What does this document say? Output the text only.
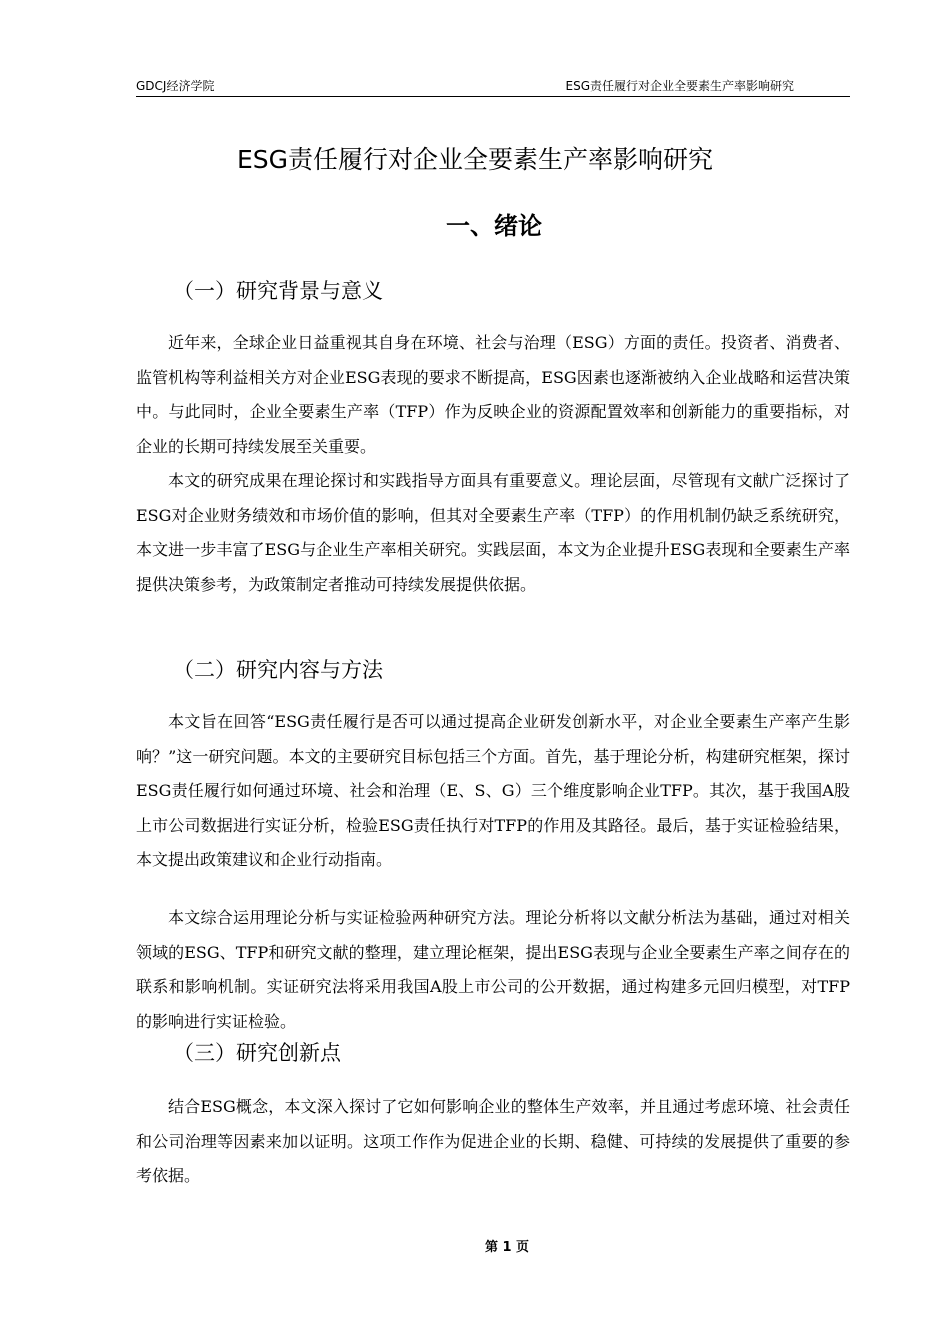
GDCJ经济学院	ESG责任履行对企业全要素生产率影响研究
ESG责任履行对企业全要素生产率影响研究
一、绪论
（一）研究背景与意义

近年来，全球企业日益重视其自身在环境、社会与治理（ESG）方面的责任。投资者、消费者、监管机构等利益相关方对企业ESG表现的要求不断提高，ESG因素也逐渐被纳入企业战略和运营决策中。与此同时，企业全要素生产率（TFP）作为反映企业的资源配置效率和创新能力的重要指标，对企业的长期可持续发展至关重要。

本文的研究成果在理论探讨和实践指导方面具有重要意义。理论层面，尽管现有文献广泛探讨了ESG对企业财务绩效和市场价值的影响，但其对全要素生产率（TFP）的作用机制仍缺乏系统研究，本文进一步丰富了ESG与企业生产率相关研究。实践层面，本文为企业提升ESG表现和全要素生产率提供决策参考，为政策制定者推动可持续发展提供依据。

（二）研究内容与方法

本文旨在回答“ESG责任履行是否可以通过提高企业研发创新水平，对企业全要素生产率产生影响？”这一研究问题。本文的主要研究目标包括三个方面。首先，基于理论分析，构建研究框架，探讨ESG责任履行如何通过环境、社会和治理（E、S、G）三个维度影响企业TFP。其次，基于我国A股上市公司数据进行实证分析，检验ESG责任执行对TFP的作用及其路径。最后，基于实证检验结果，本文提出政策建议和企业行动指南。

本文综合运用理论分析与实证检验两种研究方法。理论分析将以文献分析法为基础，通过对相关领域的ESG、TFP和研究文献的整理，建立理论框架，提出ESG表现与企业全要素生产率之间存在的联系和影响机制。实证研究法将采用我国A股上市公司的公开数据，通过构建多元回归模型，对TFP的影响进行实证检验。

（三）研究创新点

结合ESG概念，本文深入探讨了它如何影响企业的整体生产效率，并且通过考虑环境、社会责任和公司治理等因素来加以证明。这项工作作为促进企业的长期、稳健、可持续的发展提供了重要的参考依据。

第 1 页
